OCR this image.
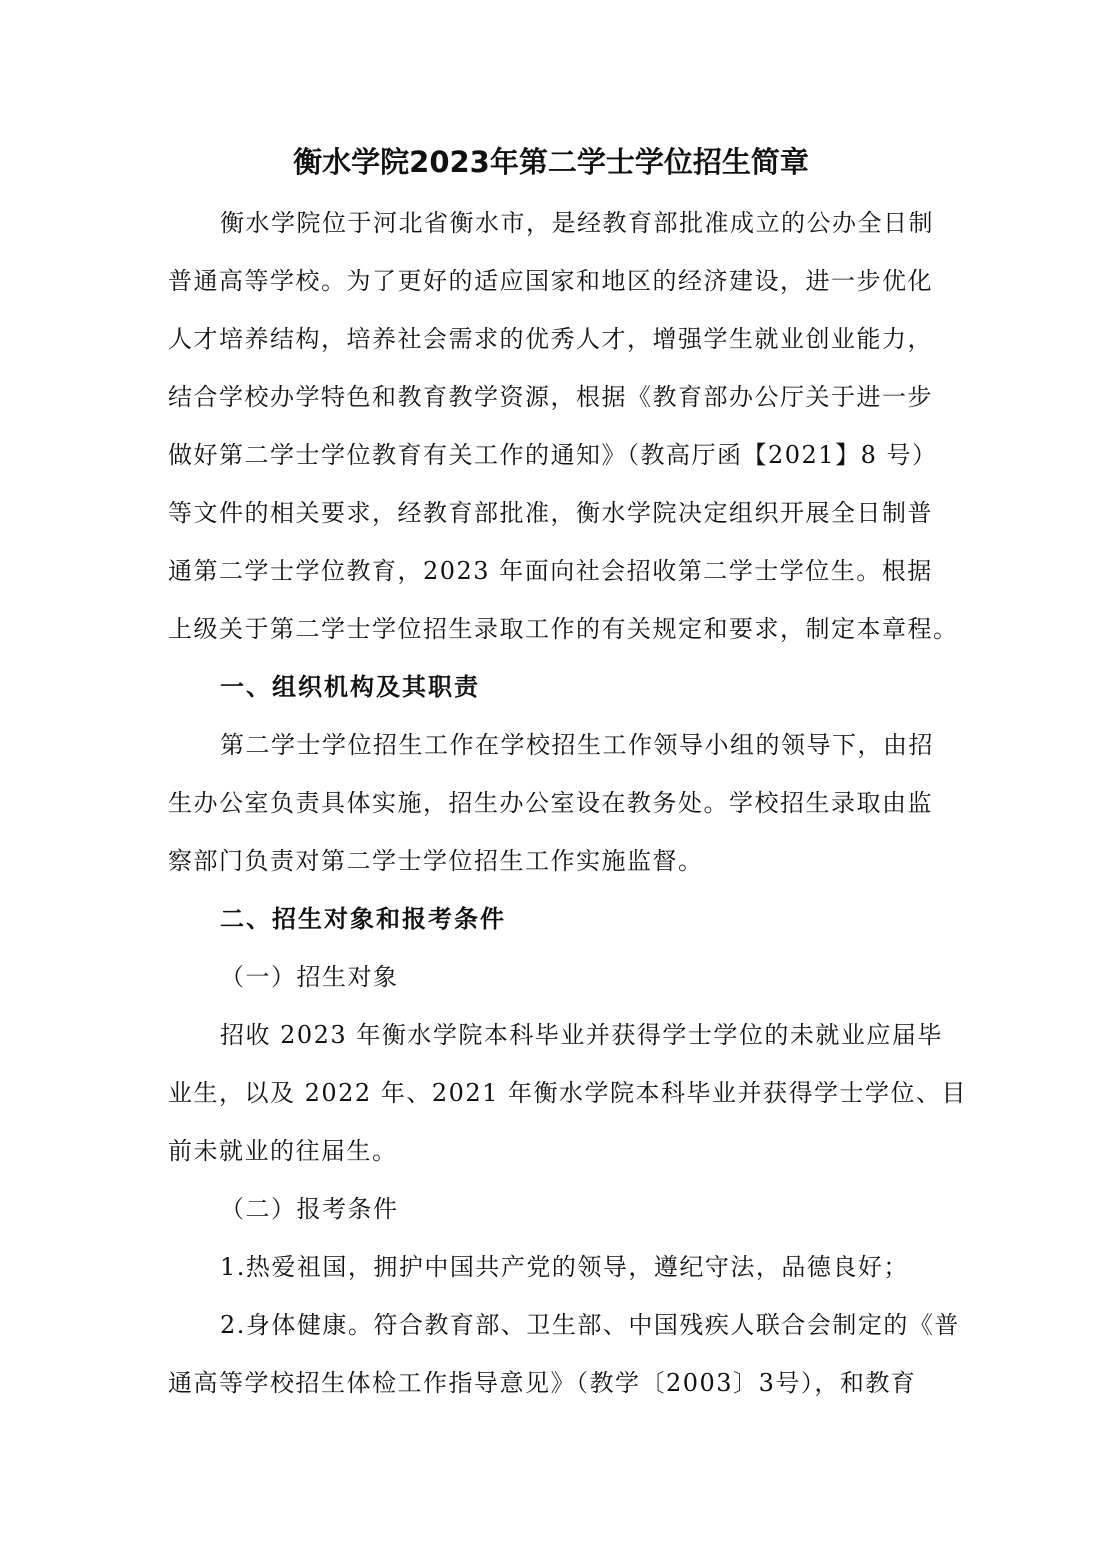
衡水学院2023年第二学士学位招生简章
衡水学院位于河北省衡水市，是经教育部批准成立的公办全日制
普通高等学校。为了更好的适应国家和地区的经济建设，进一步优化
人才培养结构，培养社会需求的优秀人才，增强学生就业创业能力，
结合学校办学特色和教育教学资源，根据《教育部办公厅关于进一步
做好第二学士学位教育有关工作的通知》（教高厅函【2021】8 号）
等文件的相关要求，经教育部批准，衡水学院决定组织开展全日制普
通第二学士学位教育，2023 年面向社会招收第二学士学位生。根据
上级关于第二学士学位招生录取工作的有关规定和要求，制定本章程。
一、组织机构及其职责
第二学士学位招生工作在学校招生工作领导小组的领导下，由招
生办公室负责具体实施，招生办公室设在教务处。学校招生录取由监
察部门负责对第二学士学位招生工作实施监督。
二、招生对象和报考条件
（一）招生对象
招收 2023 年衡水学院本科毕业并获得学士学位的未就业应届毕
业生，以及 2022 年、2021 年衡水学院本科毕业并获得学士学位、目
前未就业的往届生。
（二）报考条件
1.热爱祖国，拥护中国共产党的领导，遵纪守法，品德良好；
2.身体健康。符合教育部、卫生部、中国残疾人联合会制定的《普
通高等学校招生体检工作指导意见》（教学〔2003〕3号），和教育
